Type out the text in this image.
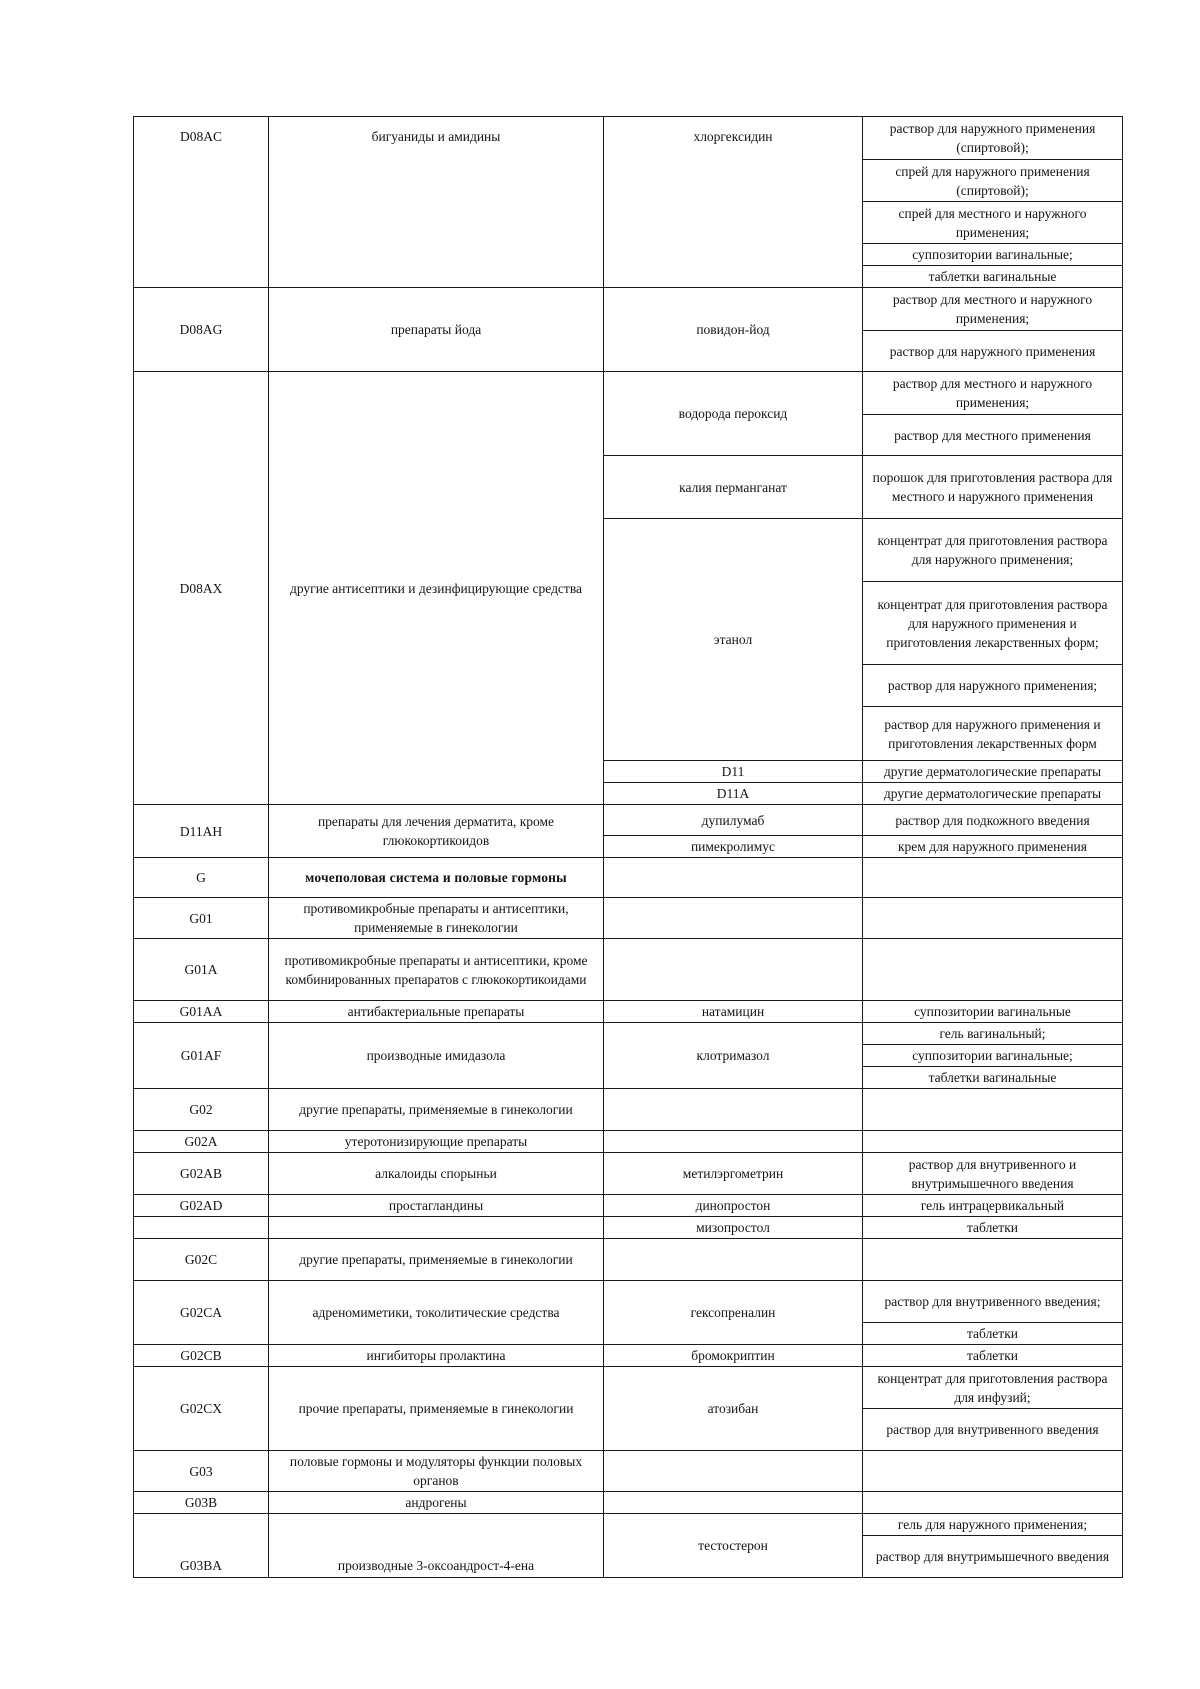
D08AC	бигуаниды и амидины	хлоргексидин	раствор для наружного применения (спиртовой);	
			спрей для наружного применения (спиртовой);	
			спрей для местного и наружного применения;	
			суппозитории вагинальные;	
			таблетки вагинальные	
D08AG	препараты йода	повидон-йод	раствор для местного и наружного применения;	
			раствор для наружного применения	
D08AX	другие антисептики и дезинфицирующие средства	водорода пероксид	раствор для местного и наружного применения;	
			раствор для местного применения	
		калия перманганат	порошок для приготовления раствора для местного и наружного применения	
		этанол	концентрат для приготовления раствора для наружного применения;	
			концентрат для приготовления раствора для наружного применения и приготовления лекарственных форм;	
			раствор для наружного применения;	
			раствор для наружного применения и приготовления лекарственных форм	
		D11	другие дерматологические препараты		
		D11A	другие дерматологические препараты		
D11AH	препараты для лечения дерматита, кроме глюкокортикоидов	дупилумаб	раствор для подкожного введения	
		пимекролимус	крем для наружного применения	
G	мочеполовая система и половые гормоны			
G01	противомикробные препараты и антисептики, применяемые в гинекологии			
G01A	противомикробные препараты и антисептики, кроме комбинированных препаратов с глюкокортикоидами			
G01AA	антибактериальные препараты	натамицин	суппозитории вагинальные	
G01AF	производные имидазола	клотримазол	гель вагинальный;	
			суппозитории вагинальные;	
			таблетки вагинальные	
G02	другие препараты, применяемые в гинекологии			
G02A	утеротонизирующие препараты			
G02AB	алкалоиды спорыньи	метилэргометрин	раствор для внутривенного и внутримышечного введения	
G02AD	простагландины	динопростон	гель интрацервикальный	
		мизопростол	таблетки	
G02C	другие препараты, применяемые в гинекологии			
G02CA	адреномиметики, токолитические средства	гексопреналин	раствор для внутривенного введения;	
			таблетки	
G02CB	ингибиторы пролактина	бромокриптин	таблетки	
G02CX	прочие препараты, применяемые в гинекологии	атозибан	концентрат для приготовления раствора для инфузий;	
			раствор для внутривенного введения	
G03	половые гормоны и модуляторы функции половых органов			
G03B	андрогены			
G03BA	производные 3-оксоандрост-4-ена	тестостерон	гель для наружного применения;	
			раствор для внутримышечного введения	
